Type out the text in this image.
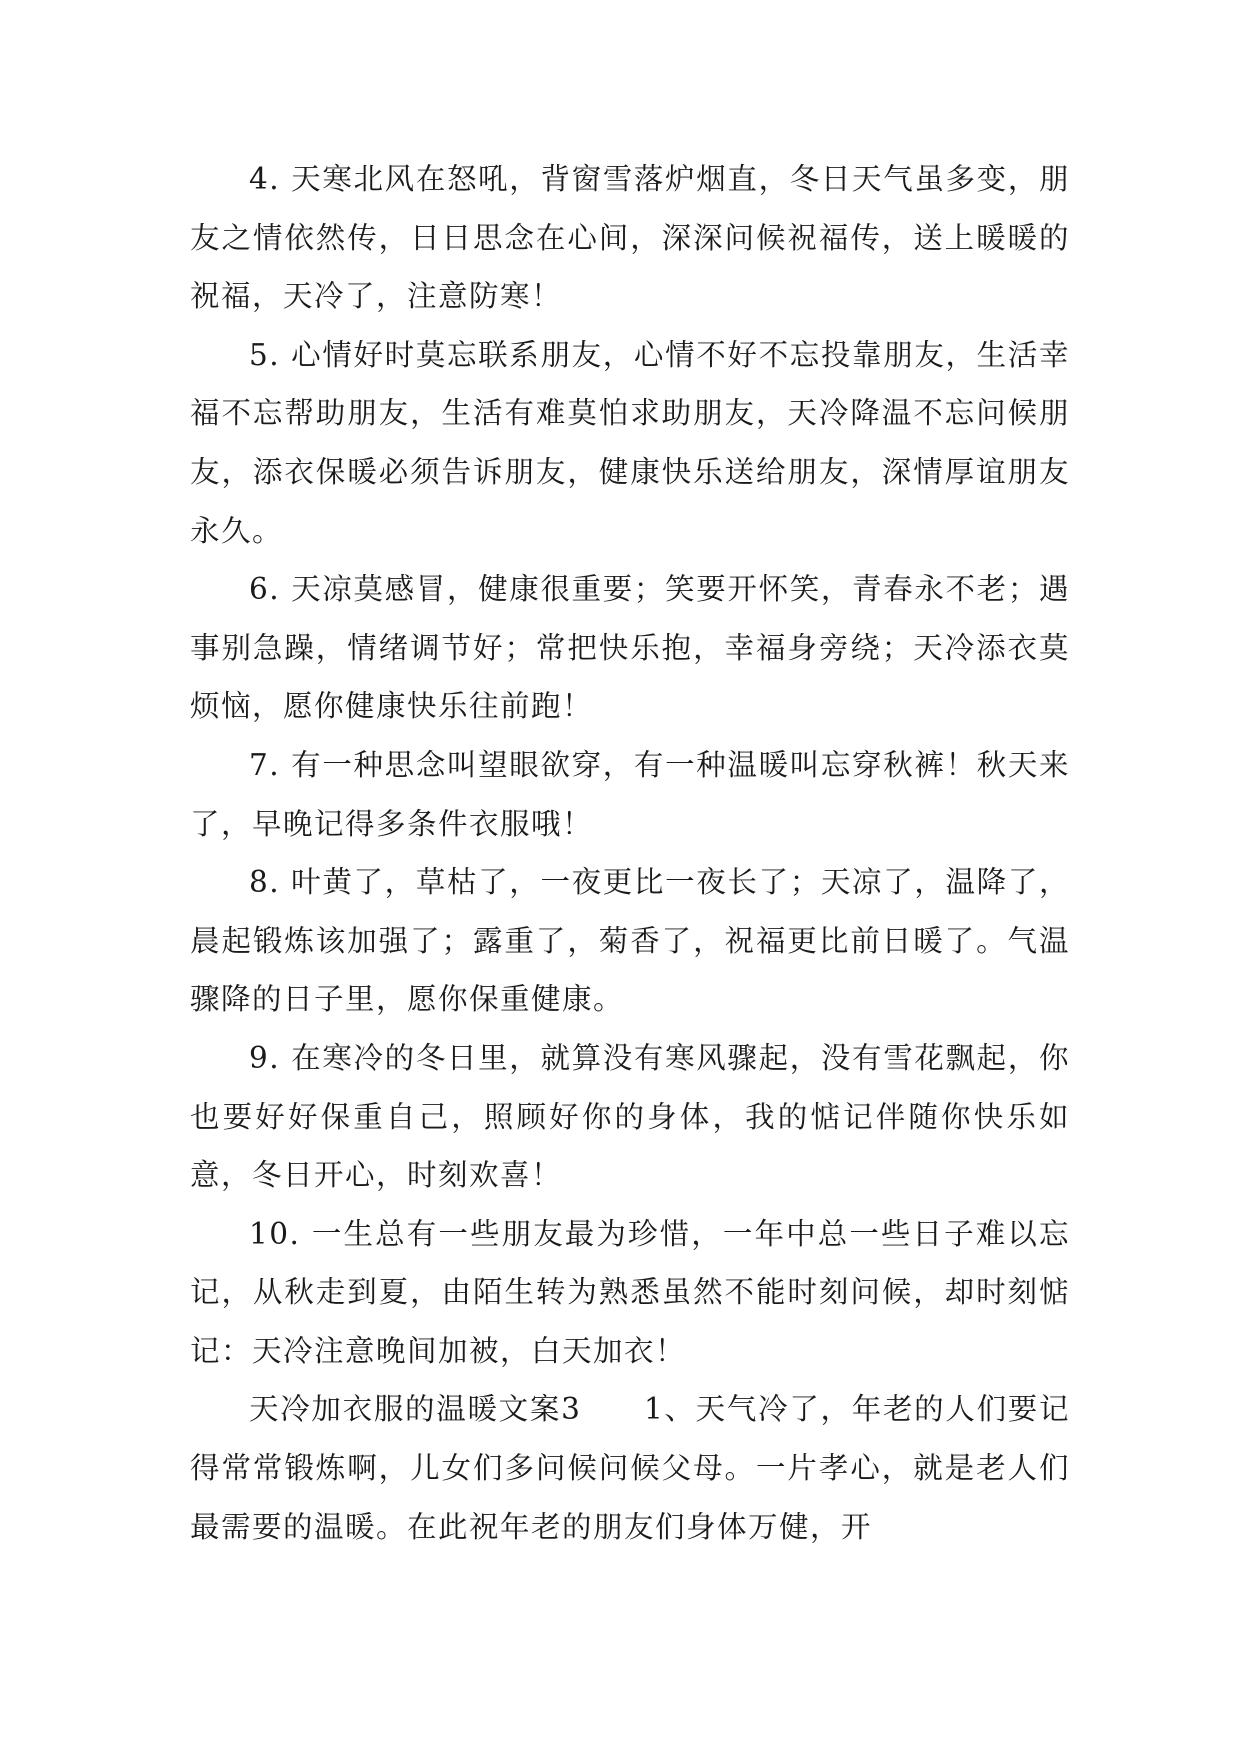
4. 天寒北风在怒吼，背窗雪落炉烟直，冬日天气虽多变，朋友之情依然传，日日思念在心间，深深问候祝福传，送上暖暖的祝福，天冷了，注意防寒！

5. 心情好时莫忘联系朋友，心情不好不忘投靠朋友，生活幸福不忘帮助朋友，生活有难莫怕求助朋友，天冷降温不忘问候朋友，添衣保暖必须告诉朋友，健康快乐送给朋友，深情厚谊朋友永久。

6. 天凉莫感冒，健康很重要；笑要开怀笑，青春永不老；遇事别急躁，情绪调节好；常把快乐抱，幸福身旁绕；天冷添衣莫烦恼，愿你健康快乐往前跑！

7. 有一种思念叫望眼欲穿，有一种温暖叫忘穿秋裤！秋天来了，早晚记得多条件衣服哦！

8. 叶黄了，草枯了，一夜更比一夜长了；天凉了，温降了，晨起锻炼该加强了；露重了，菊香了，祝福更比前日暖了。气温骤降的日子里，愿你保重健康。

9. 在寒冷的冬日里，就算没有寒风骤起，没有雪花飘起，你也要好好保重自己，照顾好你的身体，我的惦记伴随你快乐如意，冬日开心，时刻欢喜！

10. 一生总有一些朋友最为珍惜，一年中总一些日子难以忘记，从秋走到夏，由陌生转为熟悉虽然不能时刻问候，却时刻惦记：天冷注意晚间加被，白天加衣！

天冷加衣服的温暖文案3　　1、天气冷了，年老的人们要记得常常锻炼啊，儿女们多问候问候父母。一片孝心，就是老人们最需要的温暖。在此祝年老的朋友们身体万健，开
